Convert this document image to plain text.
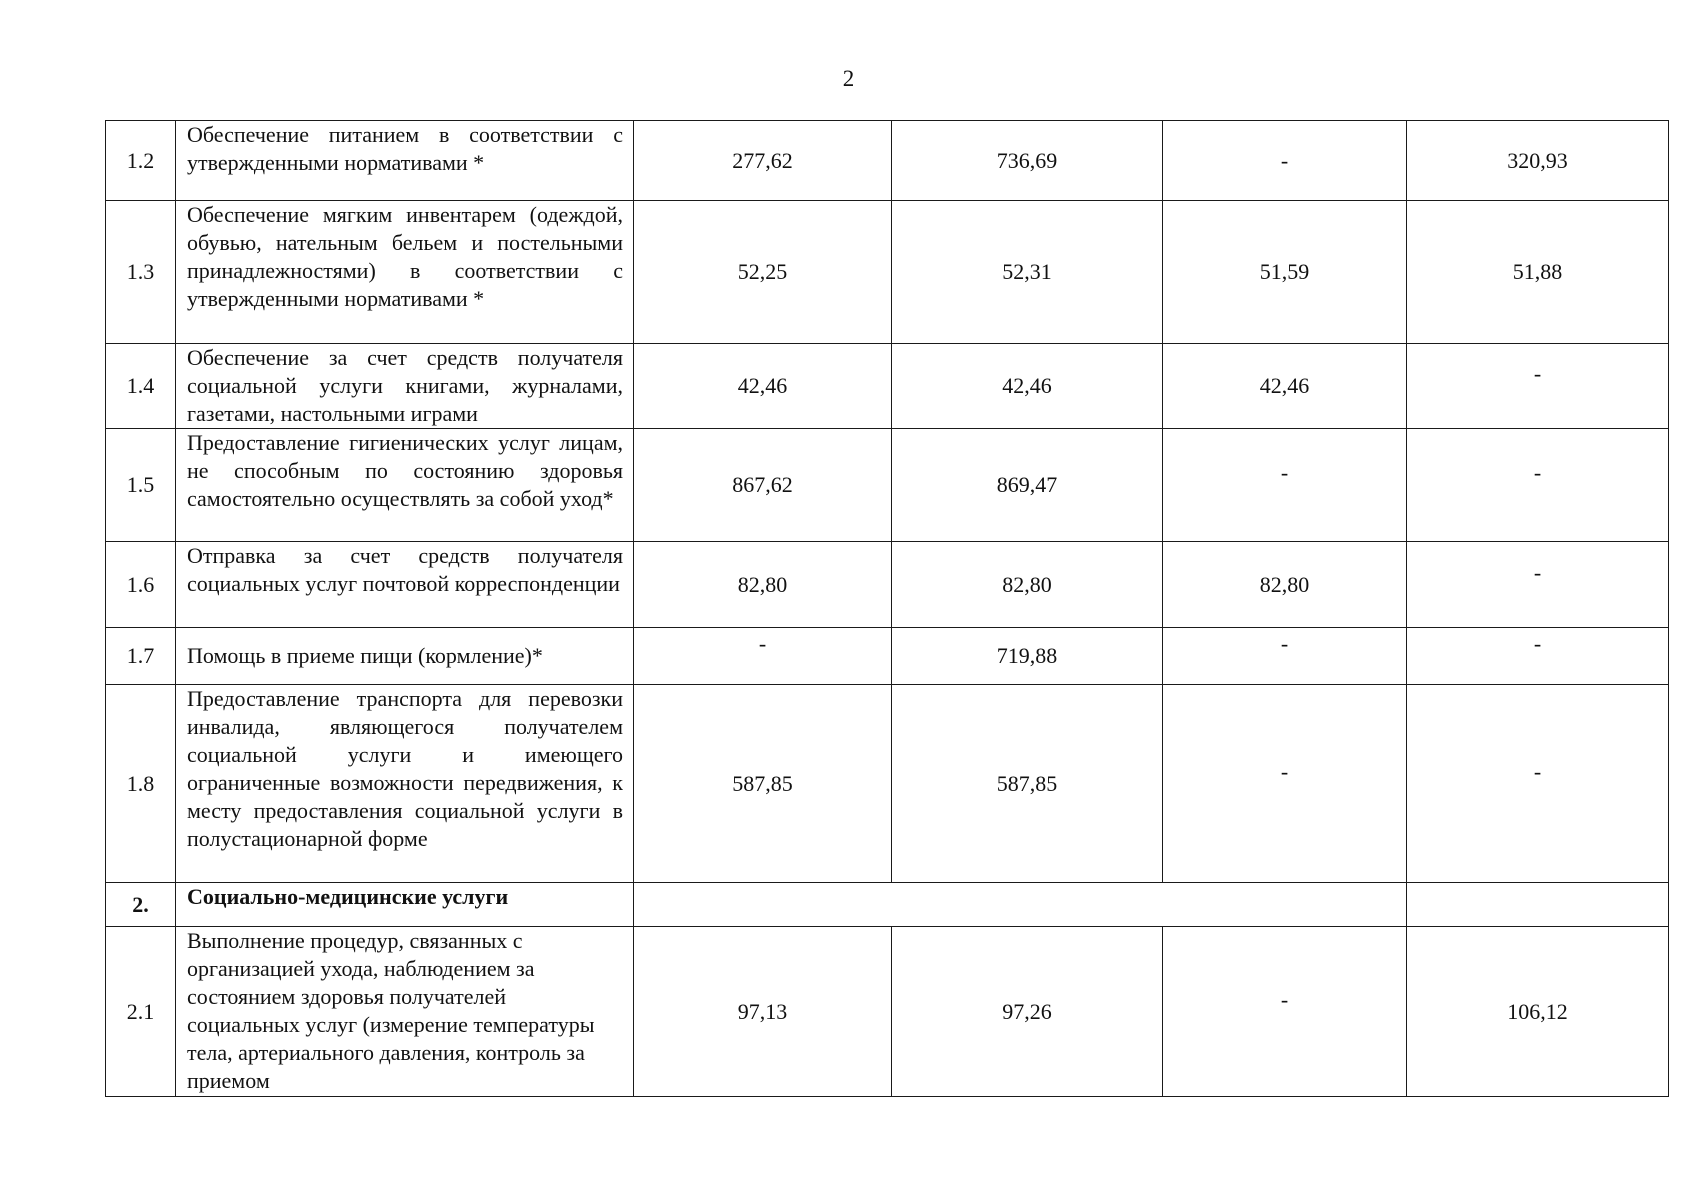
2
1.2	Обеспечение питанием в соответствии с утвержденными нормативами *	277,62	736,69	-	320,93
1.3	Обеспечение мягким инвентарем (одеждой, обувью, нательным бельем и постельными принадлежностями) в соответствии с утвержденными нормативами *	52,25	52,31	51,59	51,88
1.4	Обеспечение за счет средств получателя социальной услуги книгами, журналами, газетами, настольными играми	42,46	42,46	42,46	-
1.5	Предоставление гигиенических услуг лицам, не способным по состоянию здоровья самостоятельно осуществлять за собой уход*	867,62	869,47	-	-
1.6	Отправка за счет средств получателя социальных услуг почтовой корреспонденции	82,80	82,80	82,80	-
1.7	Помощь в приеме пищи (кормление)*	-	719,88	-	-
1.8	Предоставление транспорта для перевозки инвалида, являющегося получателем социальной услуги и имеющего ограниченные возможности передвижения, к месту предоставления социальной услуги в полустационарной форме	587,85	587,85	-	-
2.	Социально-медицинские услуги				
2.1	Выполнение процедур, связанных с организацией ухода, наблюдением за состоянием здоровья получателей социальных услуг (измерение температуры тела, артериального давления, контроль за приемом	97,13	97,26	-	106,12
